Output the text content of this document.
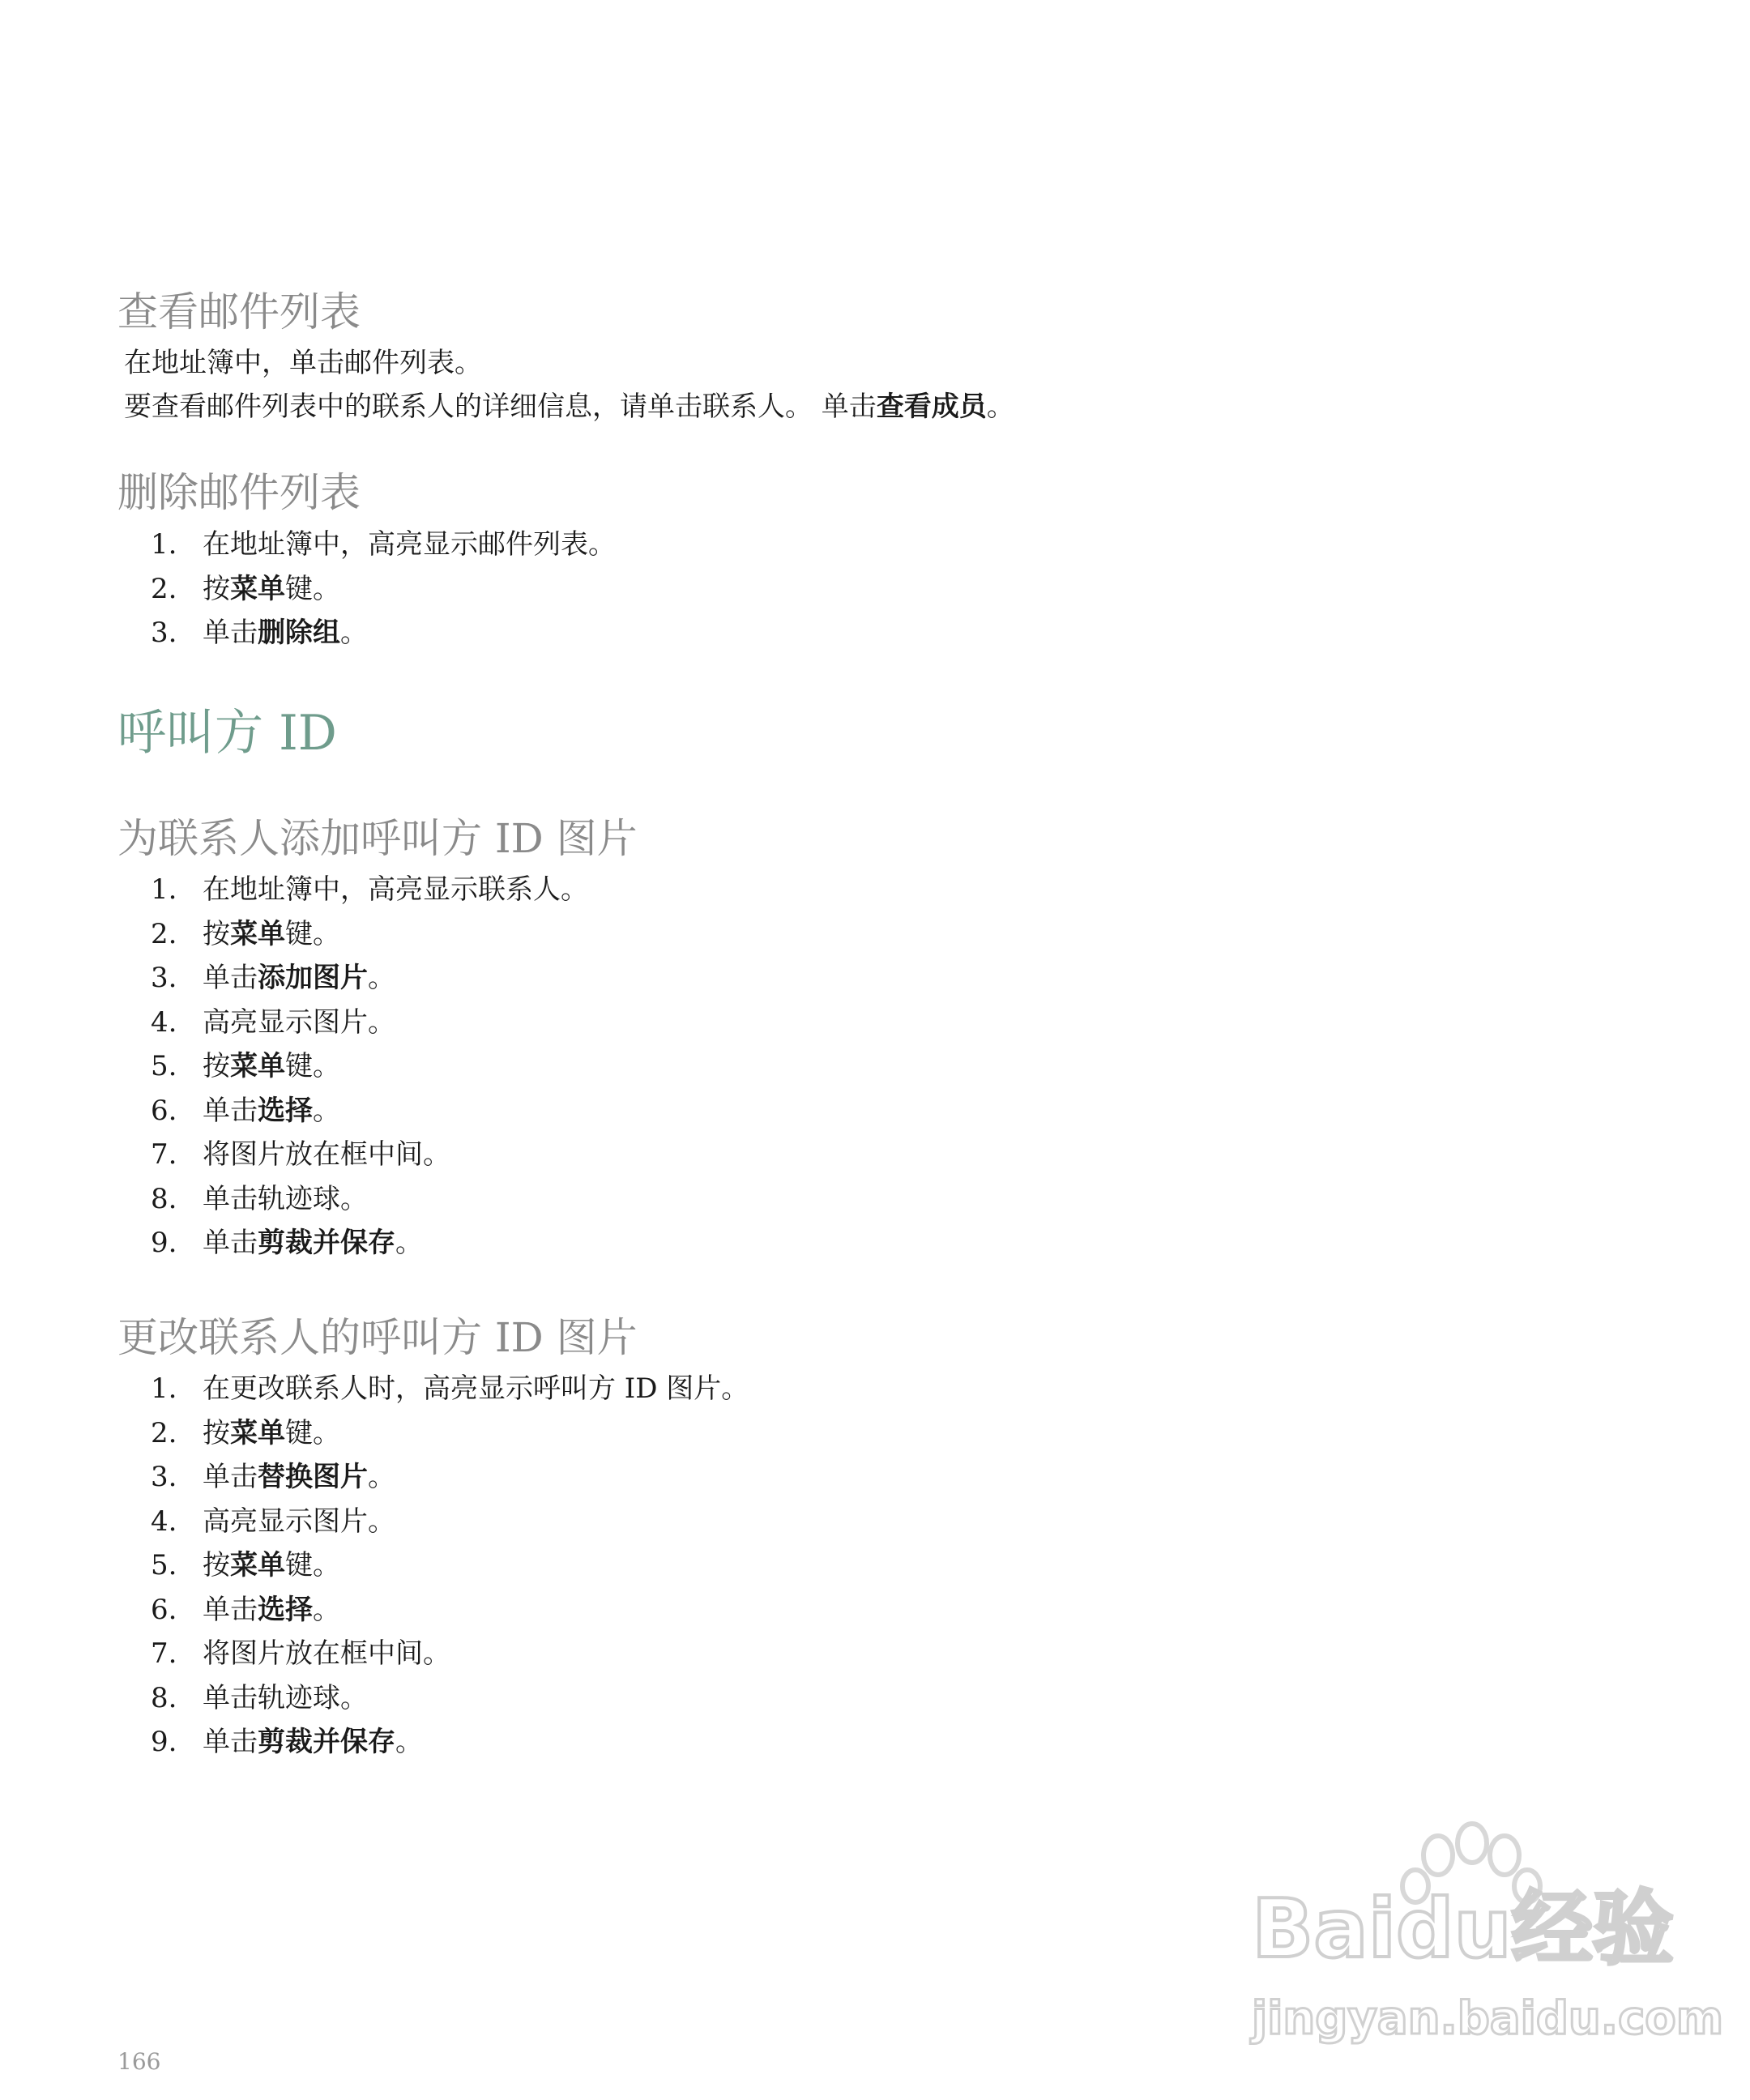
查看邮件列表

在地址簿中，单击邮件列表。

要查看邮件列表中的联系人的详细信息，请单击联系人。 单击查看成员。

删除邮件列表
1. 在地址簿中，高亮显示邮件列表。
2. 按菜单键。
3. 单击删除组。
呼叫方 ID
为联系人添加呼叫方 ID 图片
1. 在地址簿中，高亮显示联系人。
2. 按菜单键。
3. 单击添加图片。
4. 高亮显示图片。
5. 按菜单键。
6. 单击选择。
7. 将图片放在框中间。
8. 单击轨迹球。
9. 单击剪裁并保存。
更改联系人的呼叫方 ID 图片
1. 在更改联系人时，高亮显示呼叫方 ID 图片。
2. 按菜单键。
3. 单击替换图片。
4. 高亮显示图片。
5. 按菜单键。
6. 单击选择。
7. 将图片放在框中间。
8. 单击轨迹球。
9. 单击剪裁并保存。
166
Baidu经验
jingyan.baidu.com
